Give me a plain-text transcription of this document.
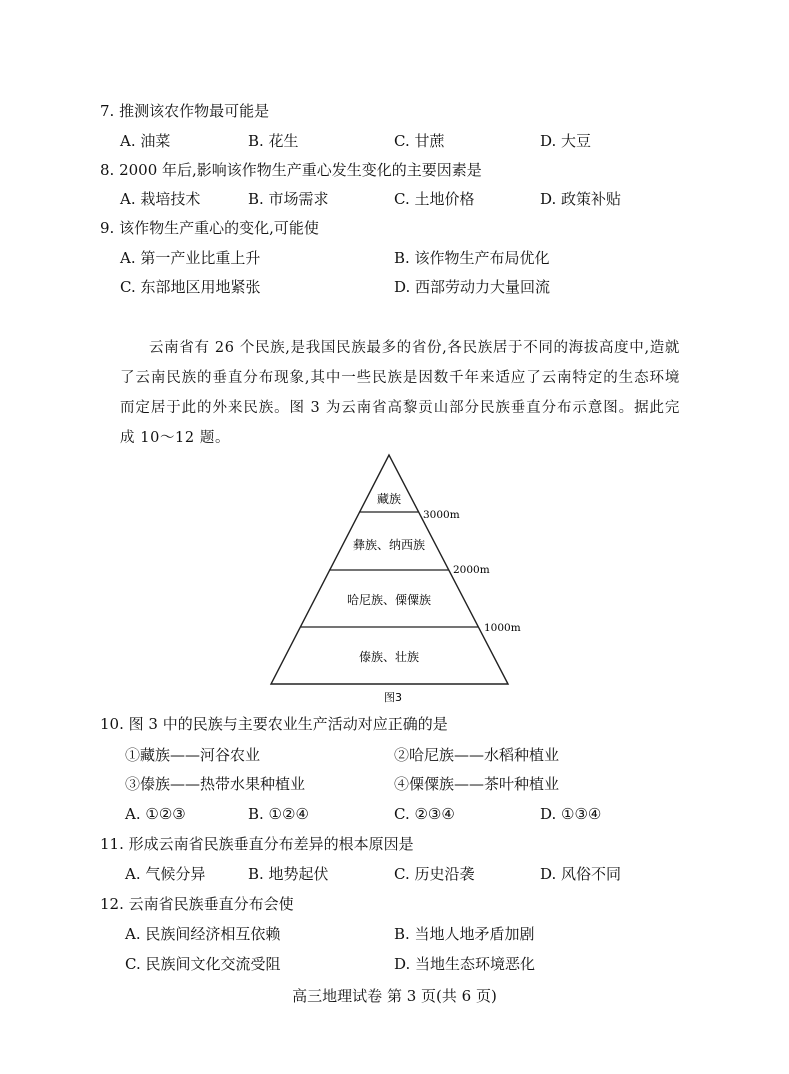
7. 推测该农作物最可能是
A. 油菜	B. 花生	C. 甘蔗	D. 大豆
8. 2000 年后,影响该作物生产重心发生变化的主要因素是
A. 栽培技术	B. 市场需求	C. 土地价格	D. 政策补贴
9. 该作物生产重心的变化,可能使
A. 第一产业比重上升	B. 该作物生产布局优化
C. 东部地区用地紧张	D. 西部劳动力大量回流
云南省有 26 个民族,是我国民族最多的省份,各民族居于不同的海拔高度中,造就了云南民族的垂直分布现象,其中一些民族是因数千年来适应了云南特定的生态环境而定居于此的外来民族。图 3 为云南省高黎贡山部分民族垂直分布示意图。据此完成 10～12 题。
藏族
彝族、纳西族
哈尼族、傈僳族
傣族、壮族
3000m
2000m
1000m
图3
10. 图 3 中的民族与主要农业生产活动对应正确的是
①藏族——河谷农业	②哈尼族——水稻种植业
③傣族——热带水果种植业	④傈僳族——茶叶种植业
A. ①②③	B. ①②④	C. ②③④	D. ①③④
11. 形成云南省民族垂直分布差异的根本原因是
A. 气候分异	B. 地势起伏	C. 历史沿袭	D. 风俗不同
12. 云南省民族垂直分布会使
A. 民族间经济相互依赖	B. 当地人地矛盾加剧
C. 民族间文化交流受阻	D. 当地生态环境恶化
高三地理试卷 第 3 页(共 6 页)
